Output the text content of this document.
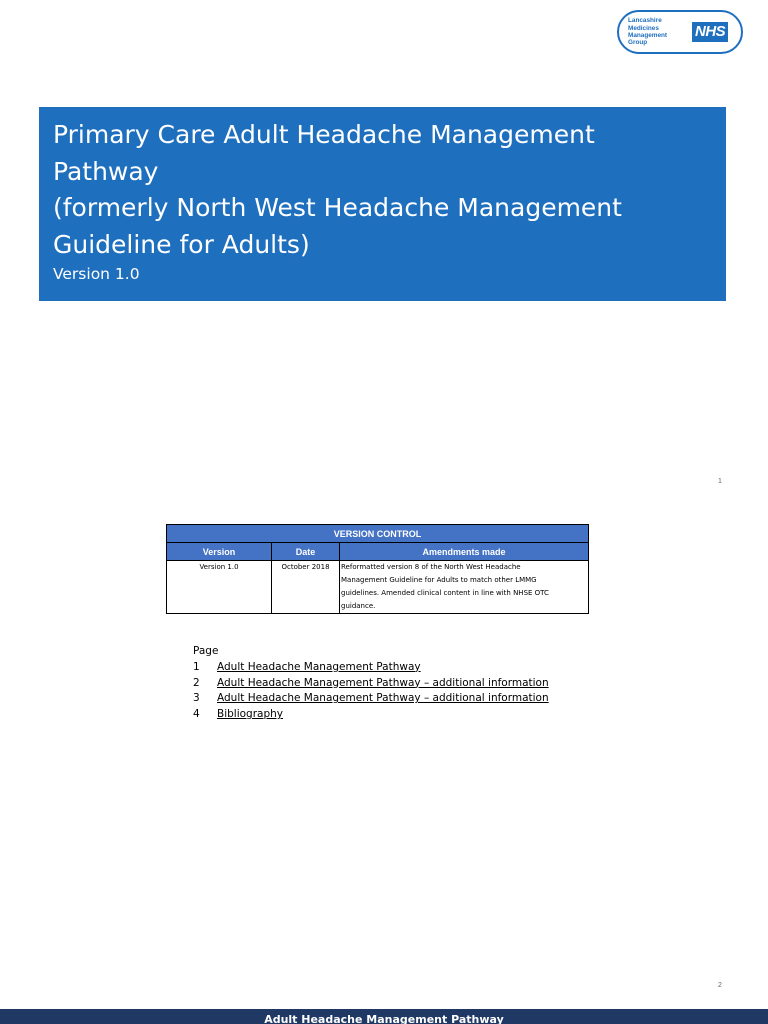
Lancashire
Medicines
Management
Group
NHS
Primary Care Adult Headache Management
Pathway
(formerly North West Headache Management
Guideline for Adults)
Version 1.0
1
VERSION CONTROL		
Version	Date	Amendments made
Version 1.0	October 2018	Reformatted version 8 of the North West Headache
Management Guideline for Adults to match other LMMG
guidelines. Amended clinical content in line with NHSE OTC
guidance.
Page
1	Adult Headache Management Pathway
2	Adult Headache Management Pathway – additional information
3	Adult Headache Management Pathway – additional information
4	Bibliography
2
Adult Headache Management Pathway
